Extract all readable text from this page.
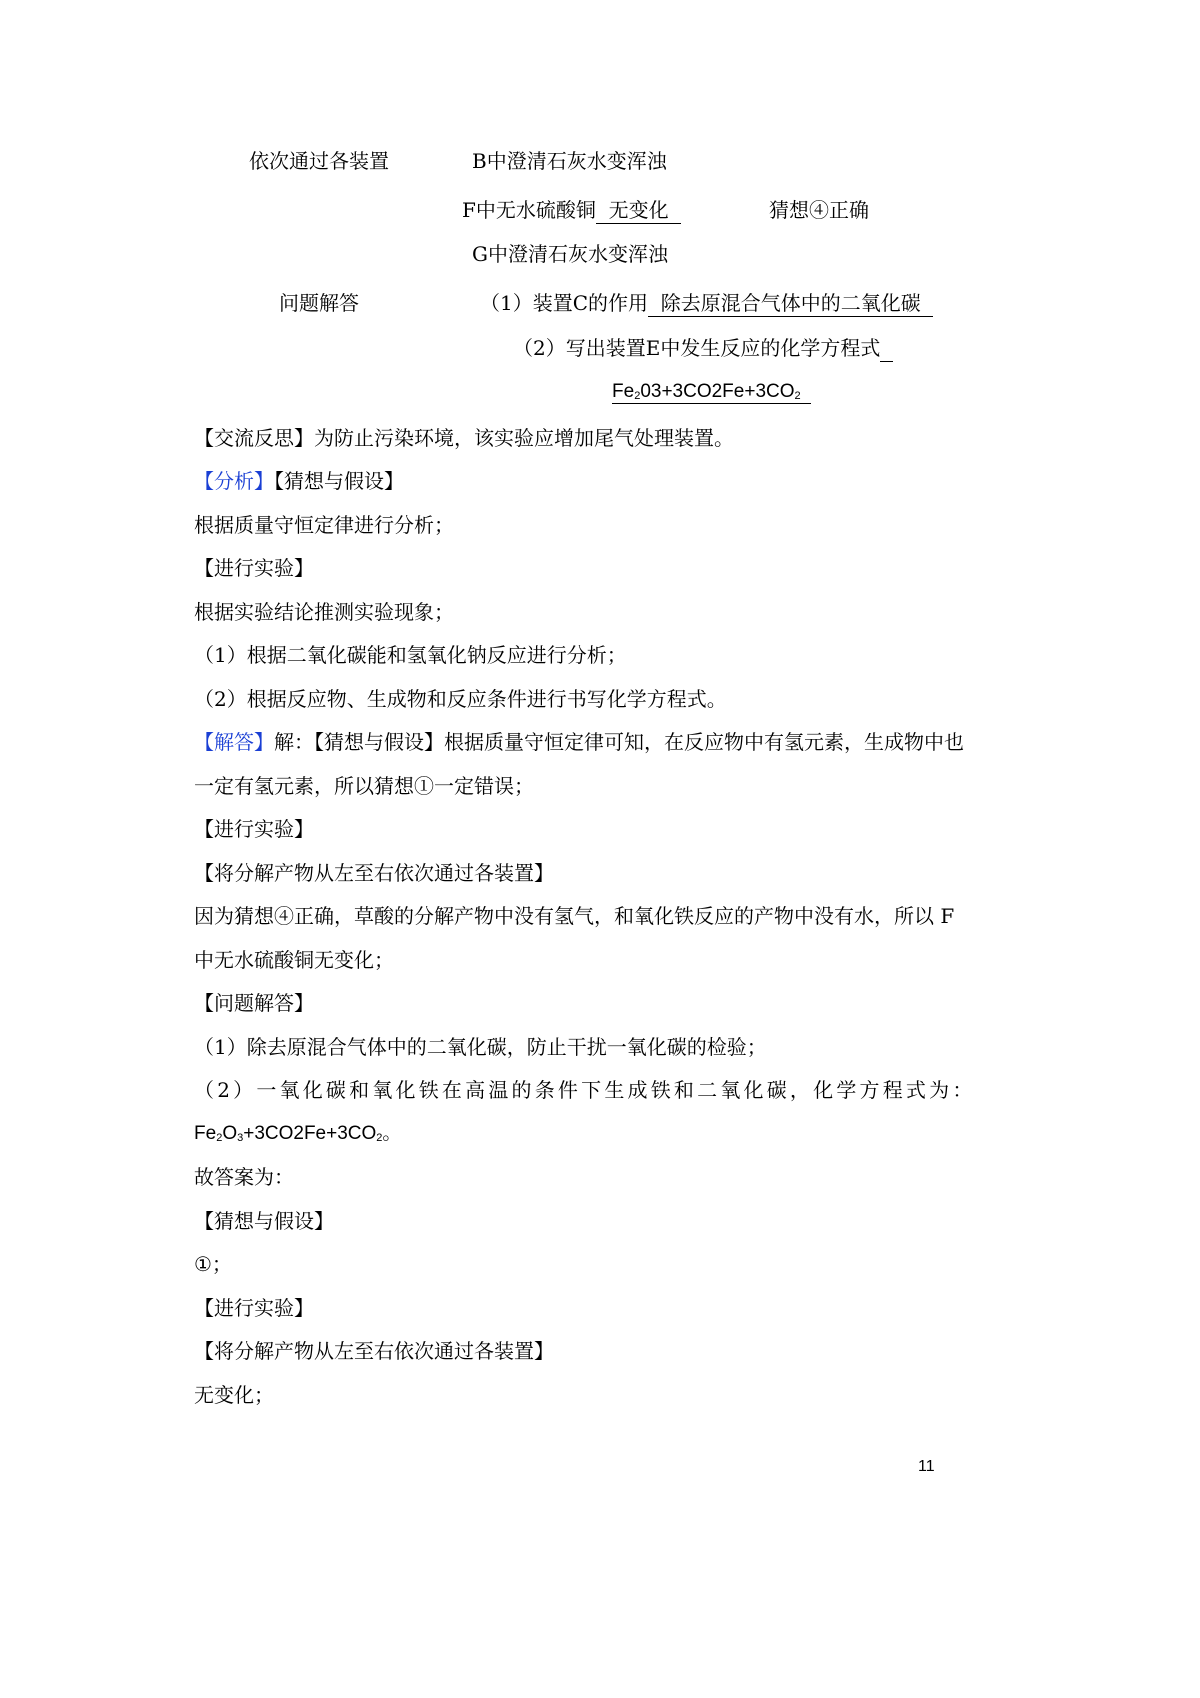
依次通过各装置	B中澄清石灰水变浑浊
F中无水硫酸铜  无变化	猜想④正确
G中澄清石灰水变浑浊
问题解答	（1）装置C的作用  除去原混合气体中的二氧化碳
（2）写出装置E中发生反应的化学方程式
$Fe_203+3CO2Fe+3CO_2$
【交流反思】为防止污染环境，该实验应增加尾气处理装置。
【分析】【猜想与假设】
根据质量守恒定律进行分析；
【进行实验】
根据实验结论推测实验现象；
（1）根据二氧化碳能和氢氧化钠反应进行分析；
（2）根据反应物、生成物和反应条件进行书写化学方程式。
【解答】解：【猜想与假设】根据质量守恒定律可知，在反应物中有氢元素，生成物中也
一定有氢元素，所以猜想①一定错误；
【进行实验】
【将分解产物从左至右依次通过各装置】
因为猜想④正确，草酸的分解产物中没有氢气，和氧化铁反应的产物中没有水，所以 F
中无水硫酸铜无变化；
【问题解答】
（1）除去原混合气体中的二氧化碳，防止干扰一氧化碳的检验；
（2）一氧化碳和氧化铁在高温的条件下生成铁和二氧化碳，化学方程式为：
$Fe_2O_3+3CO2Fe+3CO_2$。
故答案为：
【猜想与假设】
①；
【进行实验】
【将分解产物从左至右依次通过各装置】
无变化；
11
